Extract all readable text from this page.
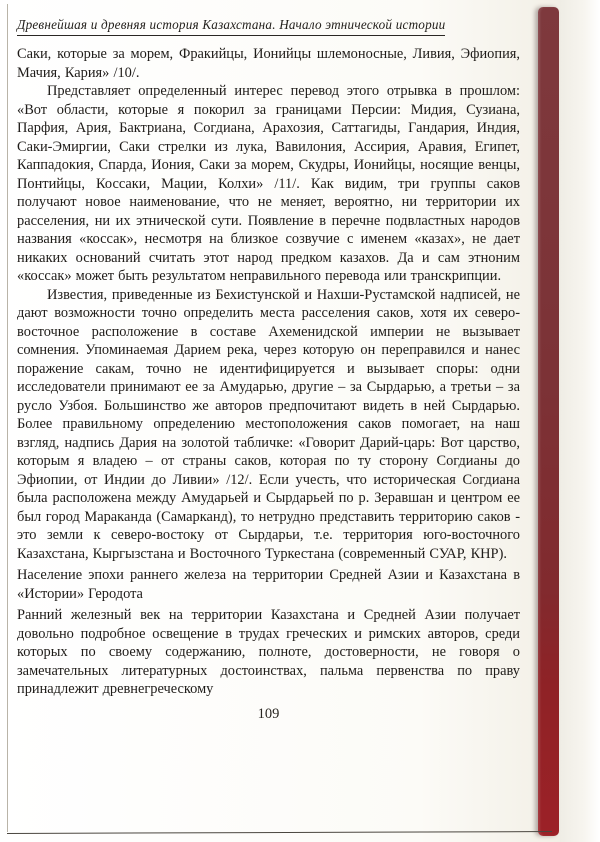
Древнейшая и древняя история Казахстана. Начало этнической истории

Саки, которые за морем, Фракийцы, Ионийцы шлемоносные, Ливия, Эфиопия, Мачия, Кария» /10/.

Представляет определенный интерес перевод этого отрывка в прошлом: «Вот области, которые я покорил за границами Персии: Мидия, Сузиана, Парфия, Ария, Бактриана, Согдиана, Арахозия, Саттагиды, Гандария, Индия, Саки-Эмиргии, Саки стрелки из лука, Вавилония, Ассирия, Аравия, Египет, Каппадокия, Спарда, Иония, Саки за морем, Скудры, Ионийцы, носящие венцы, Понтийцы, Коссаки, Мации, Колхи» /11/. Как видим, три группы саков получают новое наименование, что не меняет, вероятно, ни территории их расселения, ни их этнической сути. Появление в перечне подвластных народов названия «коссак», несмотря на близкое созвучие с именем «казах», не дает никаких оснований считать этот народ предком казахов. Да и сам этноним «коссак» может быть результатом неправильного перевода или транскрипции.

Известия, приведенные из Бехистунской и Нахши-Рустамской надписей, не дают возможности точно определить места расселения саков, хотя их северо-восточное расположение в составе Ахеменидской империи не вызывает сомнения. Упоминаемая Дарием река, через которую он переправился и нанес поражение сакам, точно не идентифицируется и вызывает споры: одни исследователи принимают ее за Амударью, другие – за Сырдарью, а третьи – за русло Узбоя. Большинство же авторов предпочитают видеть в ней Сырдарью. Более правильному определению местоположения саков помогает, на наш взгляд, надпись Дария на золотой табличке: «Говорит Дарий-царь: Вот царство, которым я владею – от страны саков, которая по ту сторону Согдианы до Эфиопии, от Индии до Ливии» /12/. Если учесть, что историческая Согдиана была расположена между Амударьей и Сырдарьей по р. Зеравшан и центром ее был город Мараканда (Самарканд), то нетрудно представить территорию саков - это земли к северо-востоку от Сырдарьи, т.е. территория юго-восточного Казахстана, Кыргызстана и Восточного Туркестана (современный СУАР, КНР).

Население эпохи раннего железа на территории Средней Азии и Казахстана в «Истории» Геродота

Ранний железный век на территории Казахстана и Средней Азии получает довольно подробное освещение в трудах греческих и римских авторов, среди которых по своему содержанию, полноте, достоверности, не говоря о замечательных литературных достоинствах, пальма первенства по праву принадлежит древнегреческому

109
